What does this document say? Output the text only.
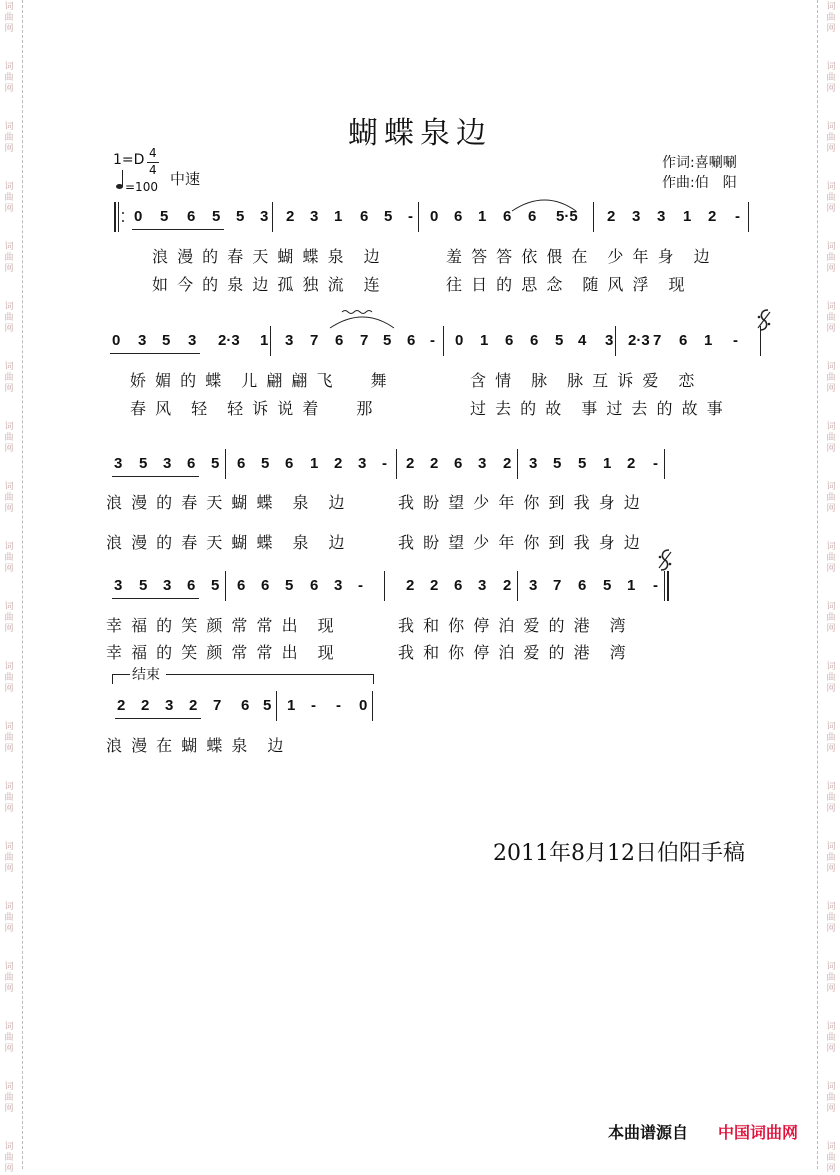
词
曲
网
词
曲
网
词
曲
网
词
曲
网
词
曲
网
词
曲
网
词
曲
网
词
曲
网
词
曲
网
词
曲
网
词
曲
网
词
曲
网
词
曲
网
词
曲
网
词
曲
网
词
曲
网
词
曲
网
词
曲
网
词
曲
网
词
曲
网
词
曲
网
词
曲
网
词
曲
网
词
曲
网
词
曲
网
词
曲
网
词
曲
网
词
曲
网
词
曲
网
词
曲
网
词
曲
网
词
曲
网
词
曲
网
词
曲
网
词
曲
网
词
曲
网
词
曲
网
词
曲
网
词
曲
网
词
曲
网
蝴蝶泉边
1=D 4
4
=100 中速
作词:喜唰唰
作曲:伯　阳
0 5 6 5 5 3 2 3 1 6 5 - 0 6 1 6 6 5·5 2 3 3 1 2 -
浪 漫 的 春 天 蝴 蝶 泉　边	羞 答 答 依 偎 在　少 年 身　边
如 今 的 泉 边 孤 独 流　连	往 日 的 思 念　随 风 浮　现
0 3 5 3 2·3 1 3 7 6 7 5 6 - 0 1 6 6 5 4 3 2·3 7 6 1 -
娇 媚 的 蝶　儿 翩 翩 飞　　舞	含 情　脉　脉 互 诉 爱　恋
春 风　轻　轻 诉 说 着　　那	过 去 的 故　事 过 去 的 故 事
3 5 3 6 5 6 5 6 1 2 3 - 2 2 6 3 2 3 5 5 1 2 -
浪 漫 的 春 天 蝴 蝶　泉　边	我 盼 望 少 年 你 到 我 身 边
浪 漫 的 春 天 蝴 蝶　泉　边	我 盼 望 少 年 你 到 我 身 边
3 5 3 6 5 6 6 5 6 3 -	2 2 6 3 2 3 7 6 5 1 -
幸 福 的 笑 颜 常 常 出　现	我 和 你 停 泊 爱 的 港　湾
幸 福 的 笑 颜 常 常 出　现	我 和 你 停 泊 爱 的 港　湾
2 2 3 2 7 6 5 1 - - 0
浪 漫 在 蝴 蝶 泉　边
结束
2011年8月12日伯阳手稿
本曲谱源自 中国词曲网
